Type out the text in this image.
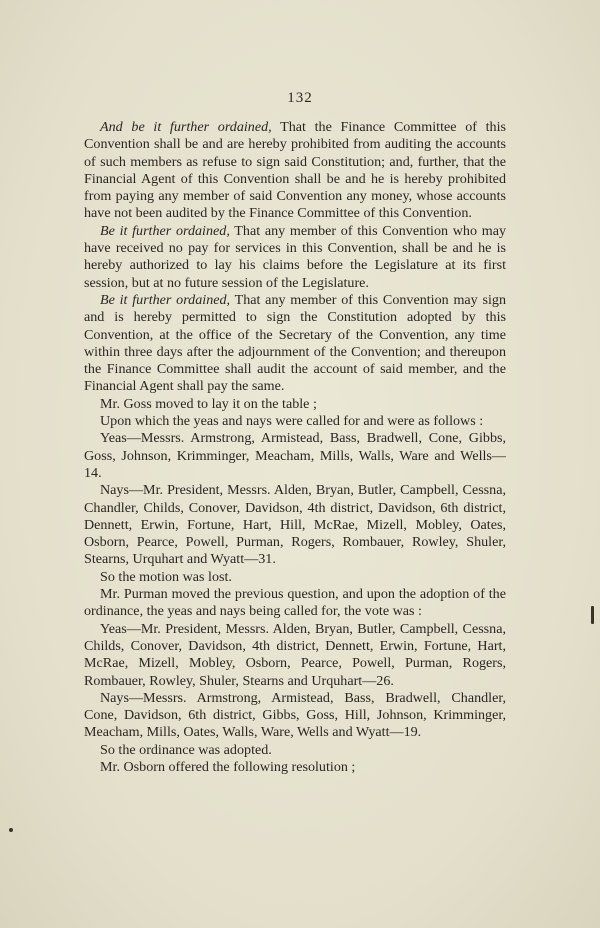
132

And be it further ordained, That the Finance Committee of this Convention shall be and are hereby prohibited from auditing the accounts of such members as refuse to sign said Constitution; and, further, that the Financial Agent of this Convention shall be and he is hereby prohibited from paying any member of said Convention any money, whose accounts have not been audited by the Finance Committee of this Convention.

Be it further ordained, That any member of this Convention who may have received no pay for services in this Convention, shall be and he is hereby authorized to lay his claims before the Legislature at its first session, but at no future session of the Legislature.

Be it further ordained, That any member of this Convention may sign and is hereby permitted to sign the Constitution adopted by this Convention, at the office of the Secretary of the Convention, any time within three days after the adjournment of the Convention; and thereupon the Finance Committee shall audit the account of said member, and the Financial Agent shall pay the same.

Mr. Goss moved to lay it on the table ;

Upon which the yeas and nays were called for and were as follows :

Yeas—Messrs. Armstrong, Armistead, Bass, Bradwell, Cone, Gibbs, Goss, Johnson, Krimminger, Meacham, Mills, Walls, Ware and Wells—14.

Nays—Mr. President, Messrs. Alden, Bryan, Butler, Campbell, Cessna, Chandler, Childs, Conover, Davidson, 4th district, Davidson, 6th district, Dennett, Erwin, Fortune, Hart, Hill, McRae, Mizell, Mobley, Oates, Osborn, Pearce, Powell, Purman, Rogers, Rombauer, Rowley, Shuler, Stearns, Urquhart and Wyatt—31.

So the motion was lost.

Mr. Purman moved the previous question, and upon the adoption of the ordinance, the yeas and nays being called for, the vote was :

Yeas—Mr. President, Messrs. Alden, Bryan, Butler, Campbell, Cessna, Childs, Conover, Davidson, 4th district, Dennett, Erwin, Fortune, Hart, McRae, Mizell, Mobley, Osborn, Pearce, Powell, Purman, Rogers, Rombauer, Rowley, Shuler, Stearns and Urquhart—26.

Nays—Messrs. Armstrong, Armistead, Bass, Bradwell, Chandler, Cone, Davidson, 6th district, Gibbs, Goss, Hill, Johnson, Krimminger, Meacham, Mills, Oates, Walls, Ware, Wells and Wyatt—19.

So the ordinance was adopted.

Mr. Osborn offered the following resolution ;
